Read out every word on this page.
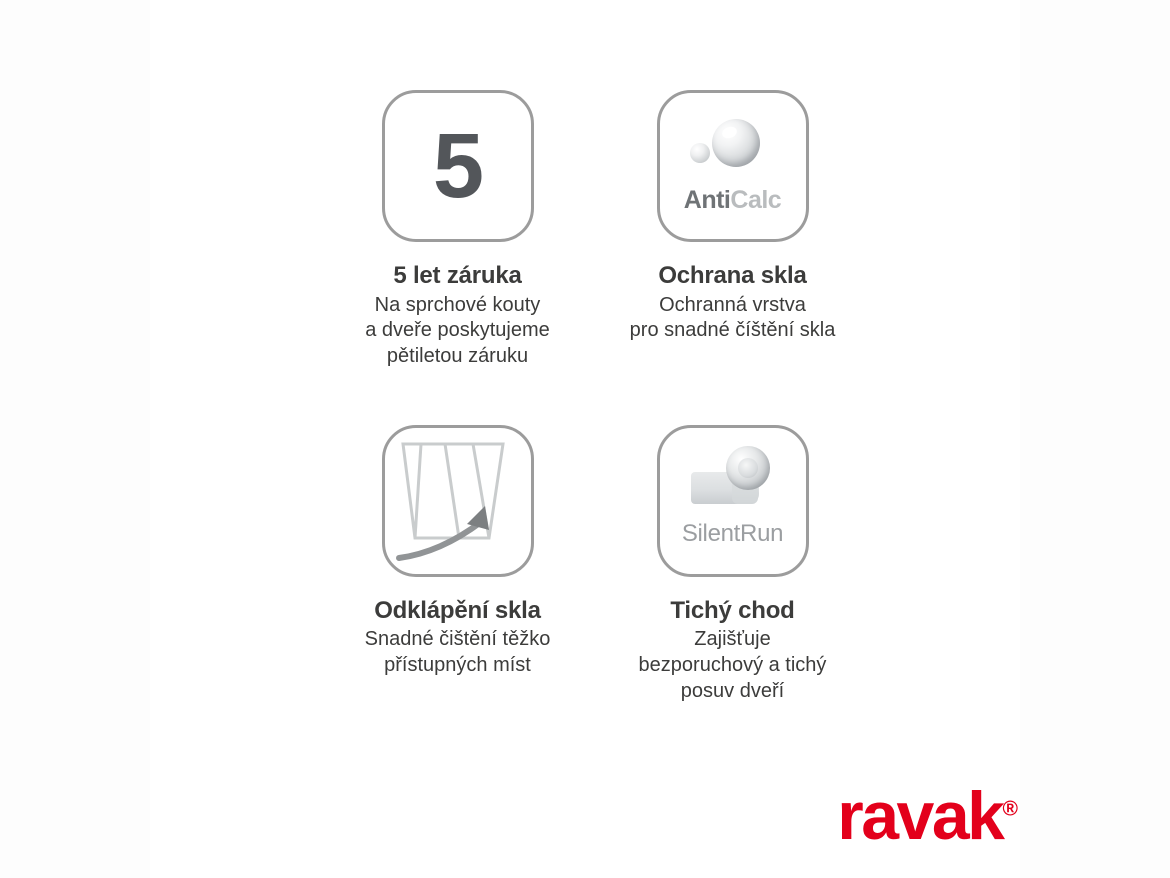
5
5 let záruka
Na sprchové kouty
a dveře poskytujeme
pětiletou záruku
AntiCalc
Ochrana skla
Ochranná vrstva
pro snadné číštění skla
Odklápění skla
Snadné čištění těžko
přístupných míst
SilentRun
Tichý chod
Zajišťuje
bezporuchový a tichý
posuv dveří
ravak®
